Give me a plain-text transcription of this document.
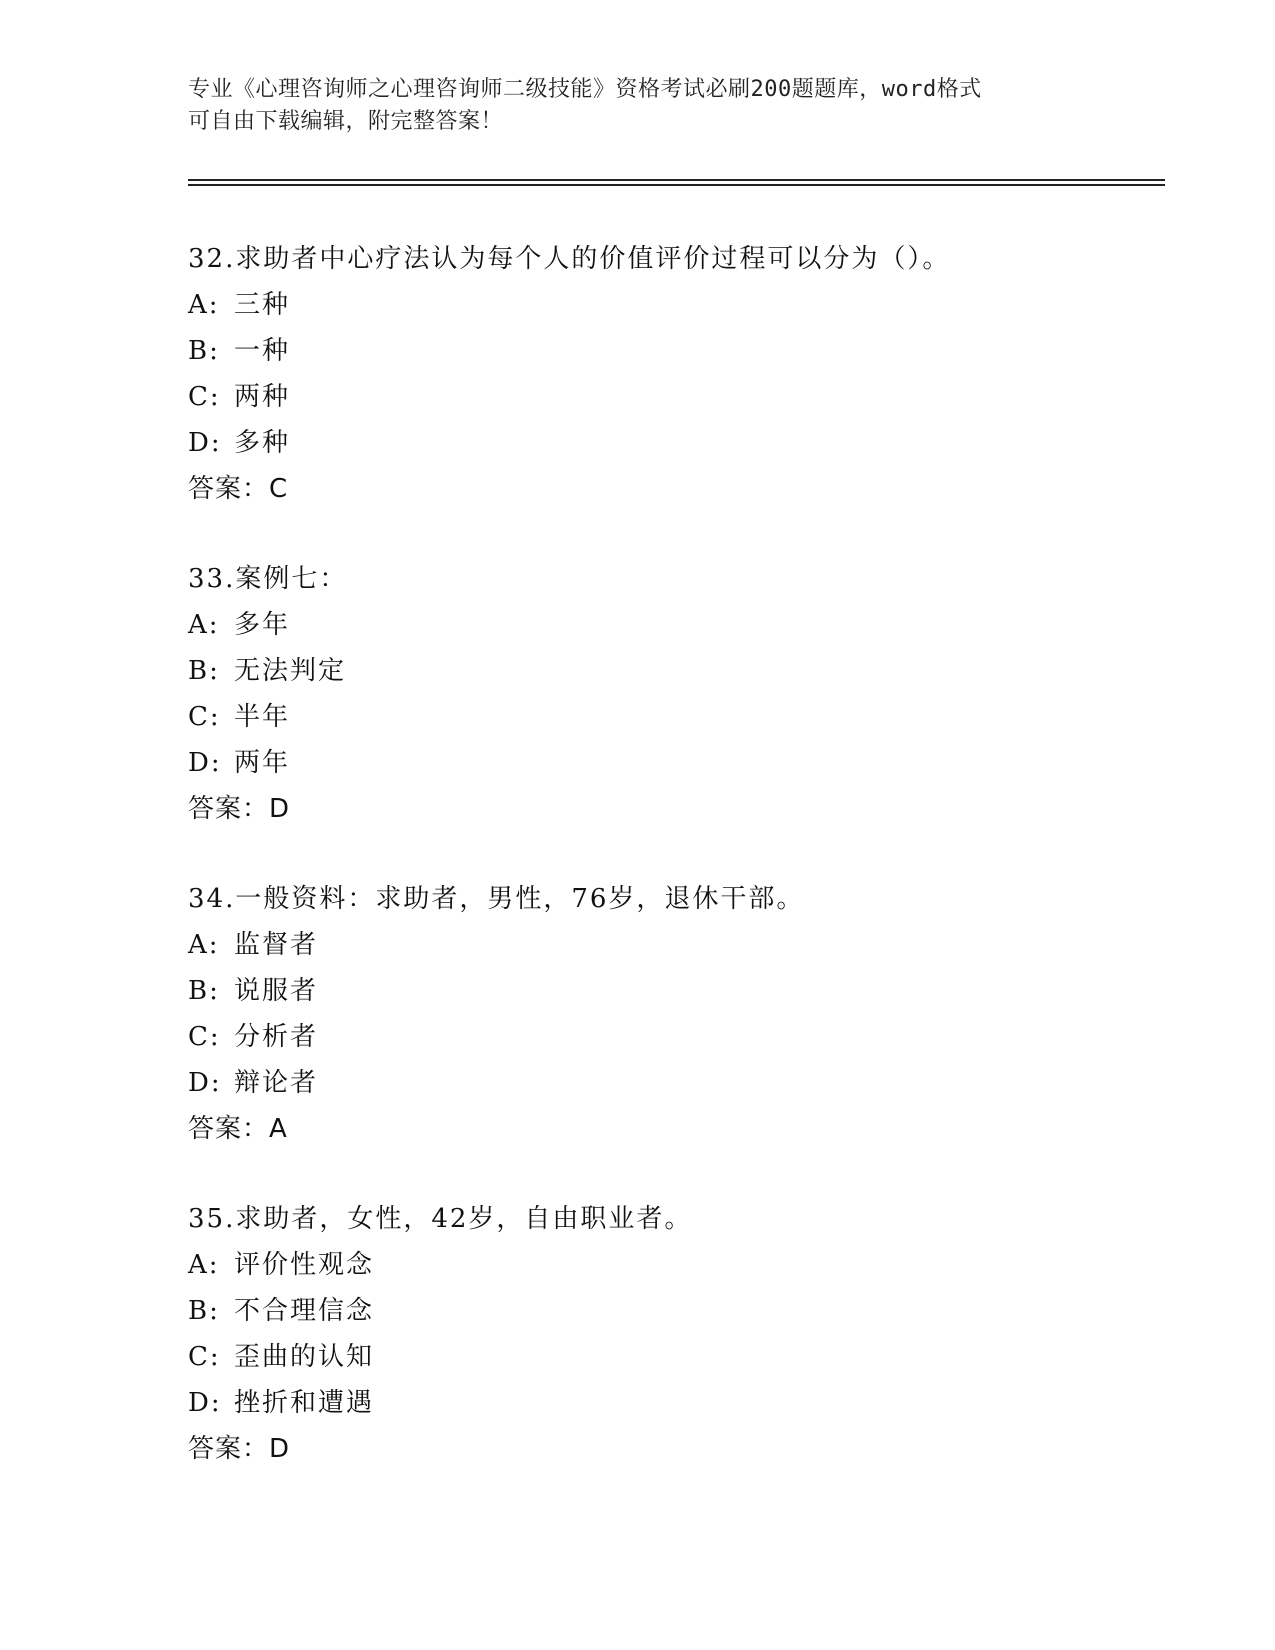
专业《心理咨询师之心理咨询师二级技能》资格考试必刷200题题库，word格式
可自由下载编辑，附完整答案！
32.求助者中心疗法认为每个人的价值评价过程可以分为（）。
A: 三种
B: 一种
C: 两种
D: 多种
答案：C
33.案例七：
A: 多年
B: 无法判定
C: 半年
D: 两年
答案：D
34.一般资料：求助者，男性，76岁，退休干部。
A: 监督者
B: 说服者
C: 分析者
D: 辩论者
答案：A
35.求助者，女性，42岁，自由职业者。
A: 评价性观念
B: 不合理信念
C: 歪曲的认知
D: 挫折和遭遇
答案：D
